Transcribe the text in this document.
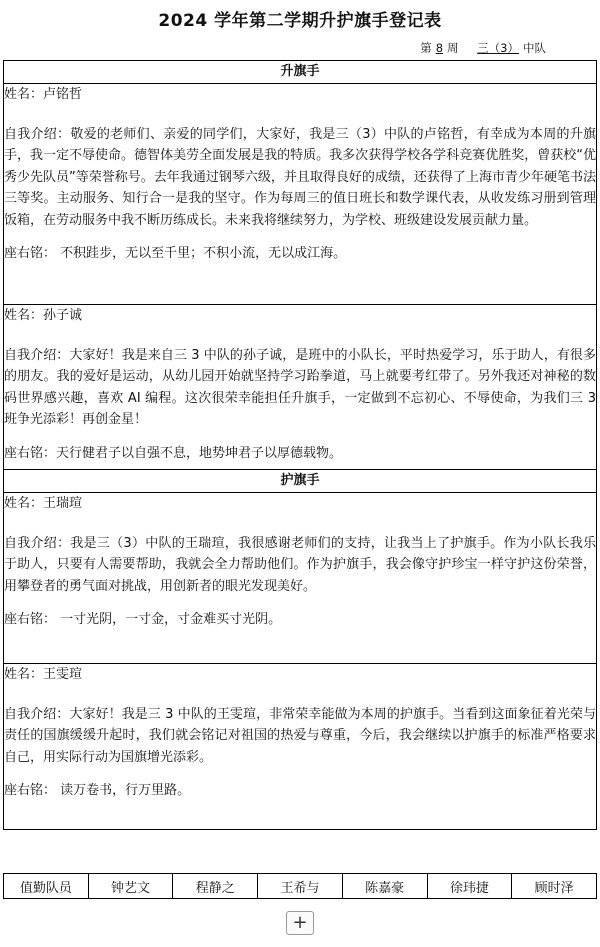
2024 学年第二学期升护旗手登记表
第 8 周 三（3） 中队
升旗手

姓名：卢铭哲

自我介绍：敬爱的老师们、亲爱的同学们，大家好，我是三（3）中队的卢铭哲，有幸成为本周的升旗手，我一定不辱使命。德智体美劳全面发展是我的特质。我多次获得学校各学科竞赛优胜奖，曾获校“优秀少先队员”等荣誉称号。去年我通过钢琴六级，并且取得良好的成绩，还获得了上海市青少年硬笔书法三等奖。主动服务、知行合一是我的坚守。作为每周三的值日班长和数学课代表，从收发练习册到管理饭箱，在劳动服务中我不断历练成长。未来我将继续努力，为学校、班级建设发展贡献力量。

座右铭： 不积跬步，无以至千里；不积小流，无以成江海。

姓名：孙子诚

自我介绍：大家好！我是来自三 3 中队的孙子诚，是班中的小队长，平时热爱学习，乐于助人，有很多的朋友。我的爱好是运动，从幼儿园开始就坚持学习跆拳道，马上就要考红带了。另外我还对神秘的数码世界感兴趣，喜欢 AI 编程。这次很荣幸能担任升旗手，一定做到不忘初心、不辱使命，为我们三 3 班争光添彩！再创金星！

座右铭：天行健君子以自强不息，地势坤君子以厚德载物。

护旗手

姓名：王瑞瑄

自我介绍：我是三（3）中队的王瑞瑄，我很感谢老师们的支持，让我当上了护旗手。作为小队长我乐于助人，只要有人需要帮助，我就会全力帮助他们。作为护旗手，我会像守护珍宝一样守护这份荣誉，用攀登者的勇气面对挑战，用创新者的眼光发现美好。

座右铭： 一寸光阴，一寸金，寸金难买寸光阴。

姓名：王雯瑄

自我介绍：大家好！我是三 3 中队的王雯瑄，非常荣幸能做为本周的护旗手。当看到这面象征着光荣与责任的国旗缓缓升起时，我们就会铭记对祖国的热爱与尊重，今后，我会继续以护旗手的标准严格要求自己，用实际行动为国旗增光添彩。

座右铭： 读万卷书，行万里路。

值勤队员	钟艺文	程静之	王希与	陈嘉豪	徐玮捷	顾时泽
+
